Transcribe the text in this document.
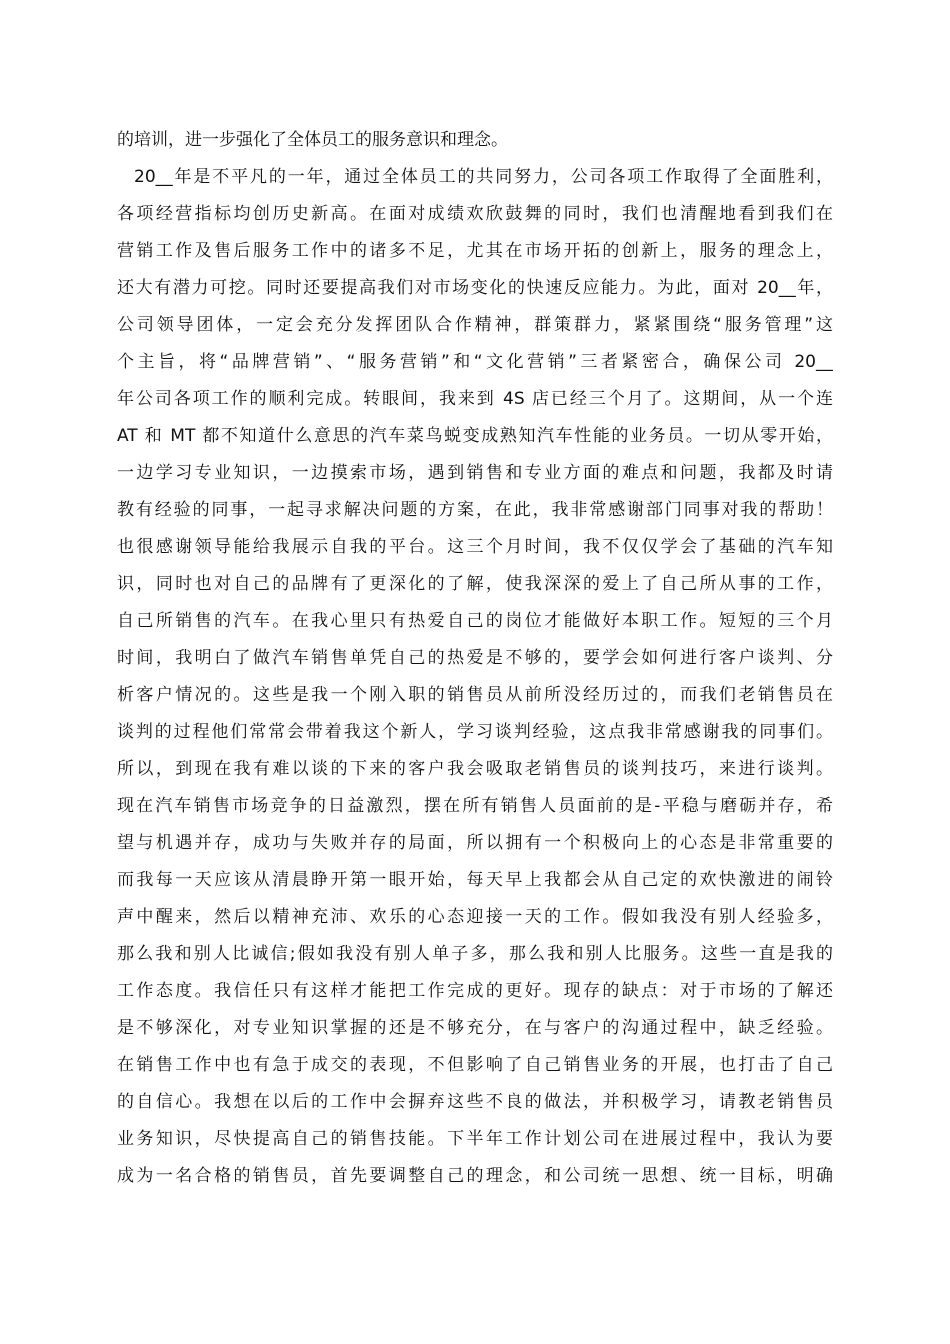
的培训，进一步强化了全体员工的服务意识和理念。
20__年是不平凡的一年，通过全体员工的共同努力，公司各项工作取得了全面胜利，
各项经营指标均创历史新高。在面对成绩欢欣鼓舞的同时，我们也清醒地看到我们在
营销工作及售后服务工作中的诸多不足，尤其在市场开拓的创新上，服务的理念上，
还大有潜力可挖。同时还要提高我们对市场变化的快速反应能力。为此，面对 20__年，
公司领导团体，一定会充分发挥团队合作精神，群策群力，紧紧围绕“服务管理”这
个主旨，将“品牌营销”、“服务营销”和“文化营销”三者紧密合，确保公司 20__
年公司各项工作的顺利完成。转眼间，我来到 4S 店已经三个月了。这期间，从一个连
AT 和 MT 都不知道什么意思的汽车菜鸟蜕变成熟知汽车性能的业务员。一切从零开始，
一边学习专业知识，一边摸索市场，遇到销售和专业方面的难点和问题，我都及时请
教有经验的同事，一起寻求解决问题的方案，在此，我非常感谢部门同事对我的帮助！
也很感谢领导能给我展示自我的平台。这三个月时间，我不仅仅学会了基础的汽车知
识，同时也对自己的品牌有了更深化的了解，使我深深的爱上了自己所从事的工作，
自己所销售的汽车。在我心里只有热爱自己的岗位才能做好本职工作。短短的三个月
时间，我明白了做汽车销售单凭自己的热爱是不够的，要学会如何进行客户谈判、分
析客户情况的。这些是我一个刚入职的销售员从前所没经历过的，而我们老销售员在
谈判的过程他们常常会带着我这个新人，学习谈判经验，这点我非常感谢我的同事们。
所以，到现在我有难以谈的下来的客户我会吸取老销售员的谈判技巧，来进行谈判。
现在汽车销售市场竞争的日益激烈，摆在所有销售人员面前的是-平稳与磨砺并存，希
望与机遇并存，成功与失败并存的局面，所以拥有一个积极向上的心态是非常重要的
而我每一天应该从清晨睁开第一眼开始，每天早上我都会从自己定的欢快激进的闹铃
声中醒来，然后以精神充沛、欢乐的心态迎接一天的工作。假如我没有别人经验多，
那么我和别人比诚信;假如我没有别人单子多，那么我和别人比服务。这些一直是我的
工作态度。我信任只有这样才能把工作完成的更好。现存的缺点：对于市场的了解还
是不够深化，对专业知识掌握的还是不够充分，在与客户的沟通过程中，缺乏经验。
在销售工作中也有急于成交的表现，不但影响了自己销售业务的开展，也打击了自己
的自信心。我想在以后的工作中会摒弃这些不良的做法，并积极学习，请教老销售员
业务知识，尽快提高自己的销售技能。下半年工作计划公司在进展过程中，我认为要
成为一名合格的销售员，首先要调整自己的理念，和公司统一思想、统一目标，明确
